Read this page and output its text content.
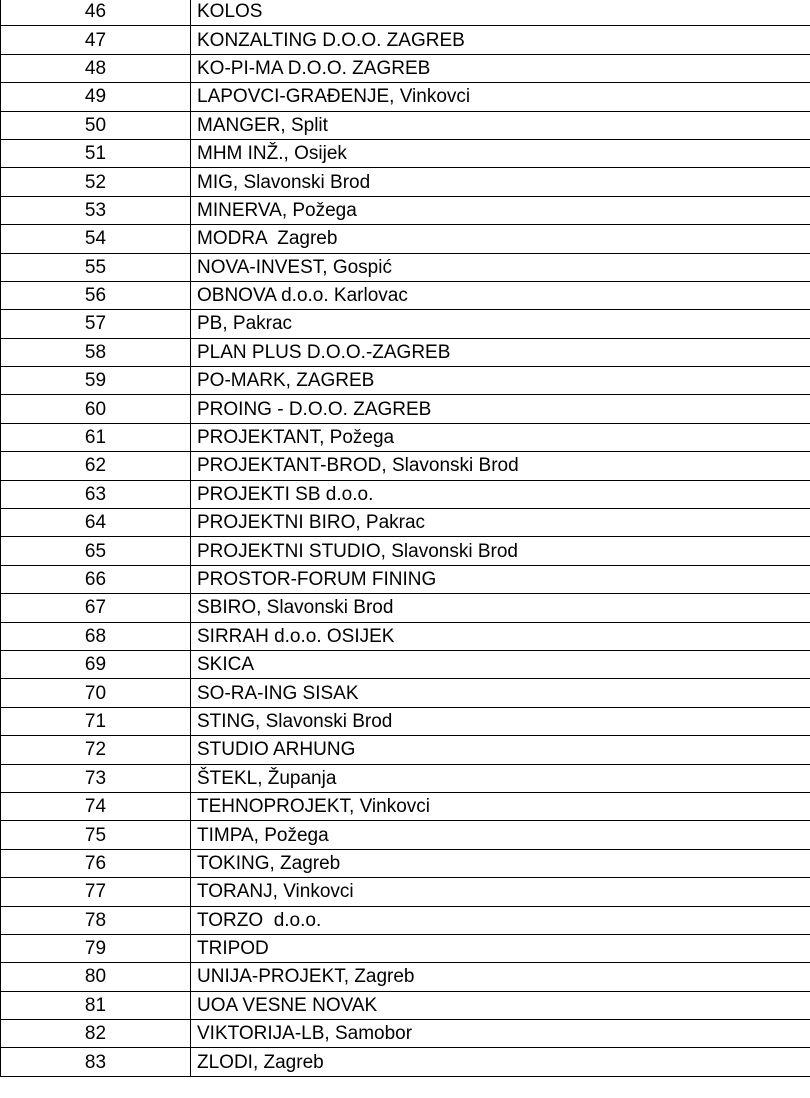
46	KOLOS
47	KONZALTING D.O.O. ZAGREB
48	KO-PI-MA D.O.O. ZAGREB
49	LAPOVCI-GRAĐENJE, Vinkovci
50	MANGER, Split
51	MHM INŽ., Osijek
52	MIG, Slavonski Brod
53	MINERVA, Požega
54	MODRA  Zagreb
55	NOVA-INVEST, Gospić
56	OBNOVA d.o.o. Karlovac
57	PB, Pakrac
58	PLAN PLUS D.O.O.-ZAGREB
59	PO-MARK, ZAGREB
60	PROING - D.O.O. ZAGREB
61	PROJEKTANT, Požega
62	PROJEKTANT-BROD, Slavonski Brod
63	PROJEKTI SB d.o.o.
64	PROJEKTNI BIRO, Pakrac
65	PROJEKTNI STUDIO, Slavonski Brod
66	PROSTOR-FORUM FINING
67	SBIRO, Slavonski Brod
68	SIRRAH d.o.o. OSIJEK
69	SKICA
70	SO-RA-ING SISAK
71	STING, Slavonski Brod
72	STUDIO ARHUNG
73	ŠTEKL, Županja
74	TEHNOPROJEKT, Vinkovci
75	TIMPA, Požega
76	TOKING, Zagreb
77	TORANJ, Vinkovci
78	TORZO  d.o.o.
79	TRIPOD
80	UNIJA-PROJEKT, Zagreb
81	UOA VESNE NOVAK
82	VIKTORIJA-LB, Samobor
83	ZLODI, Zagreb
